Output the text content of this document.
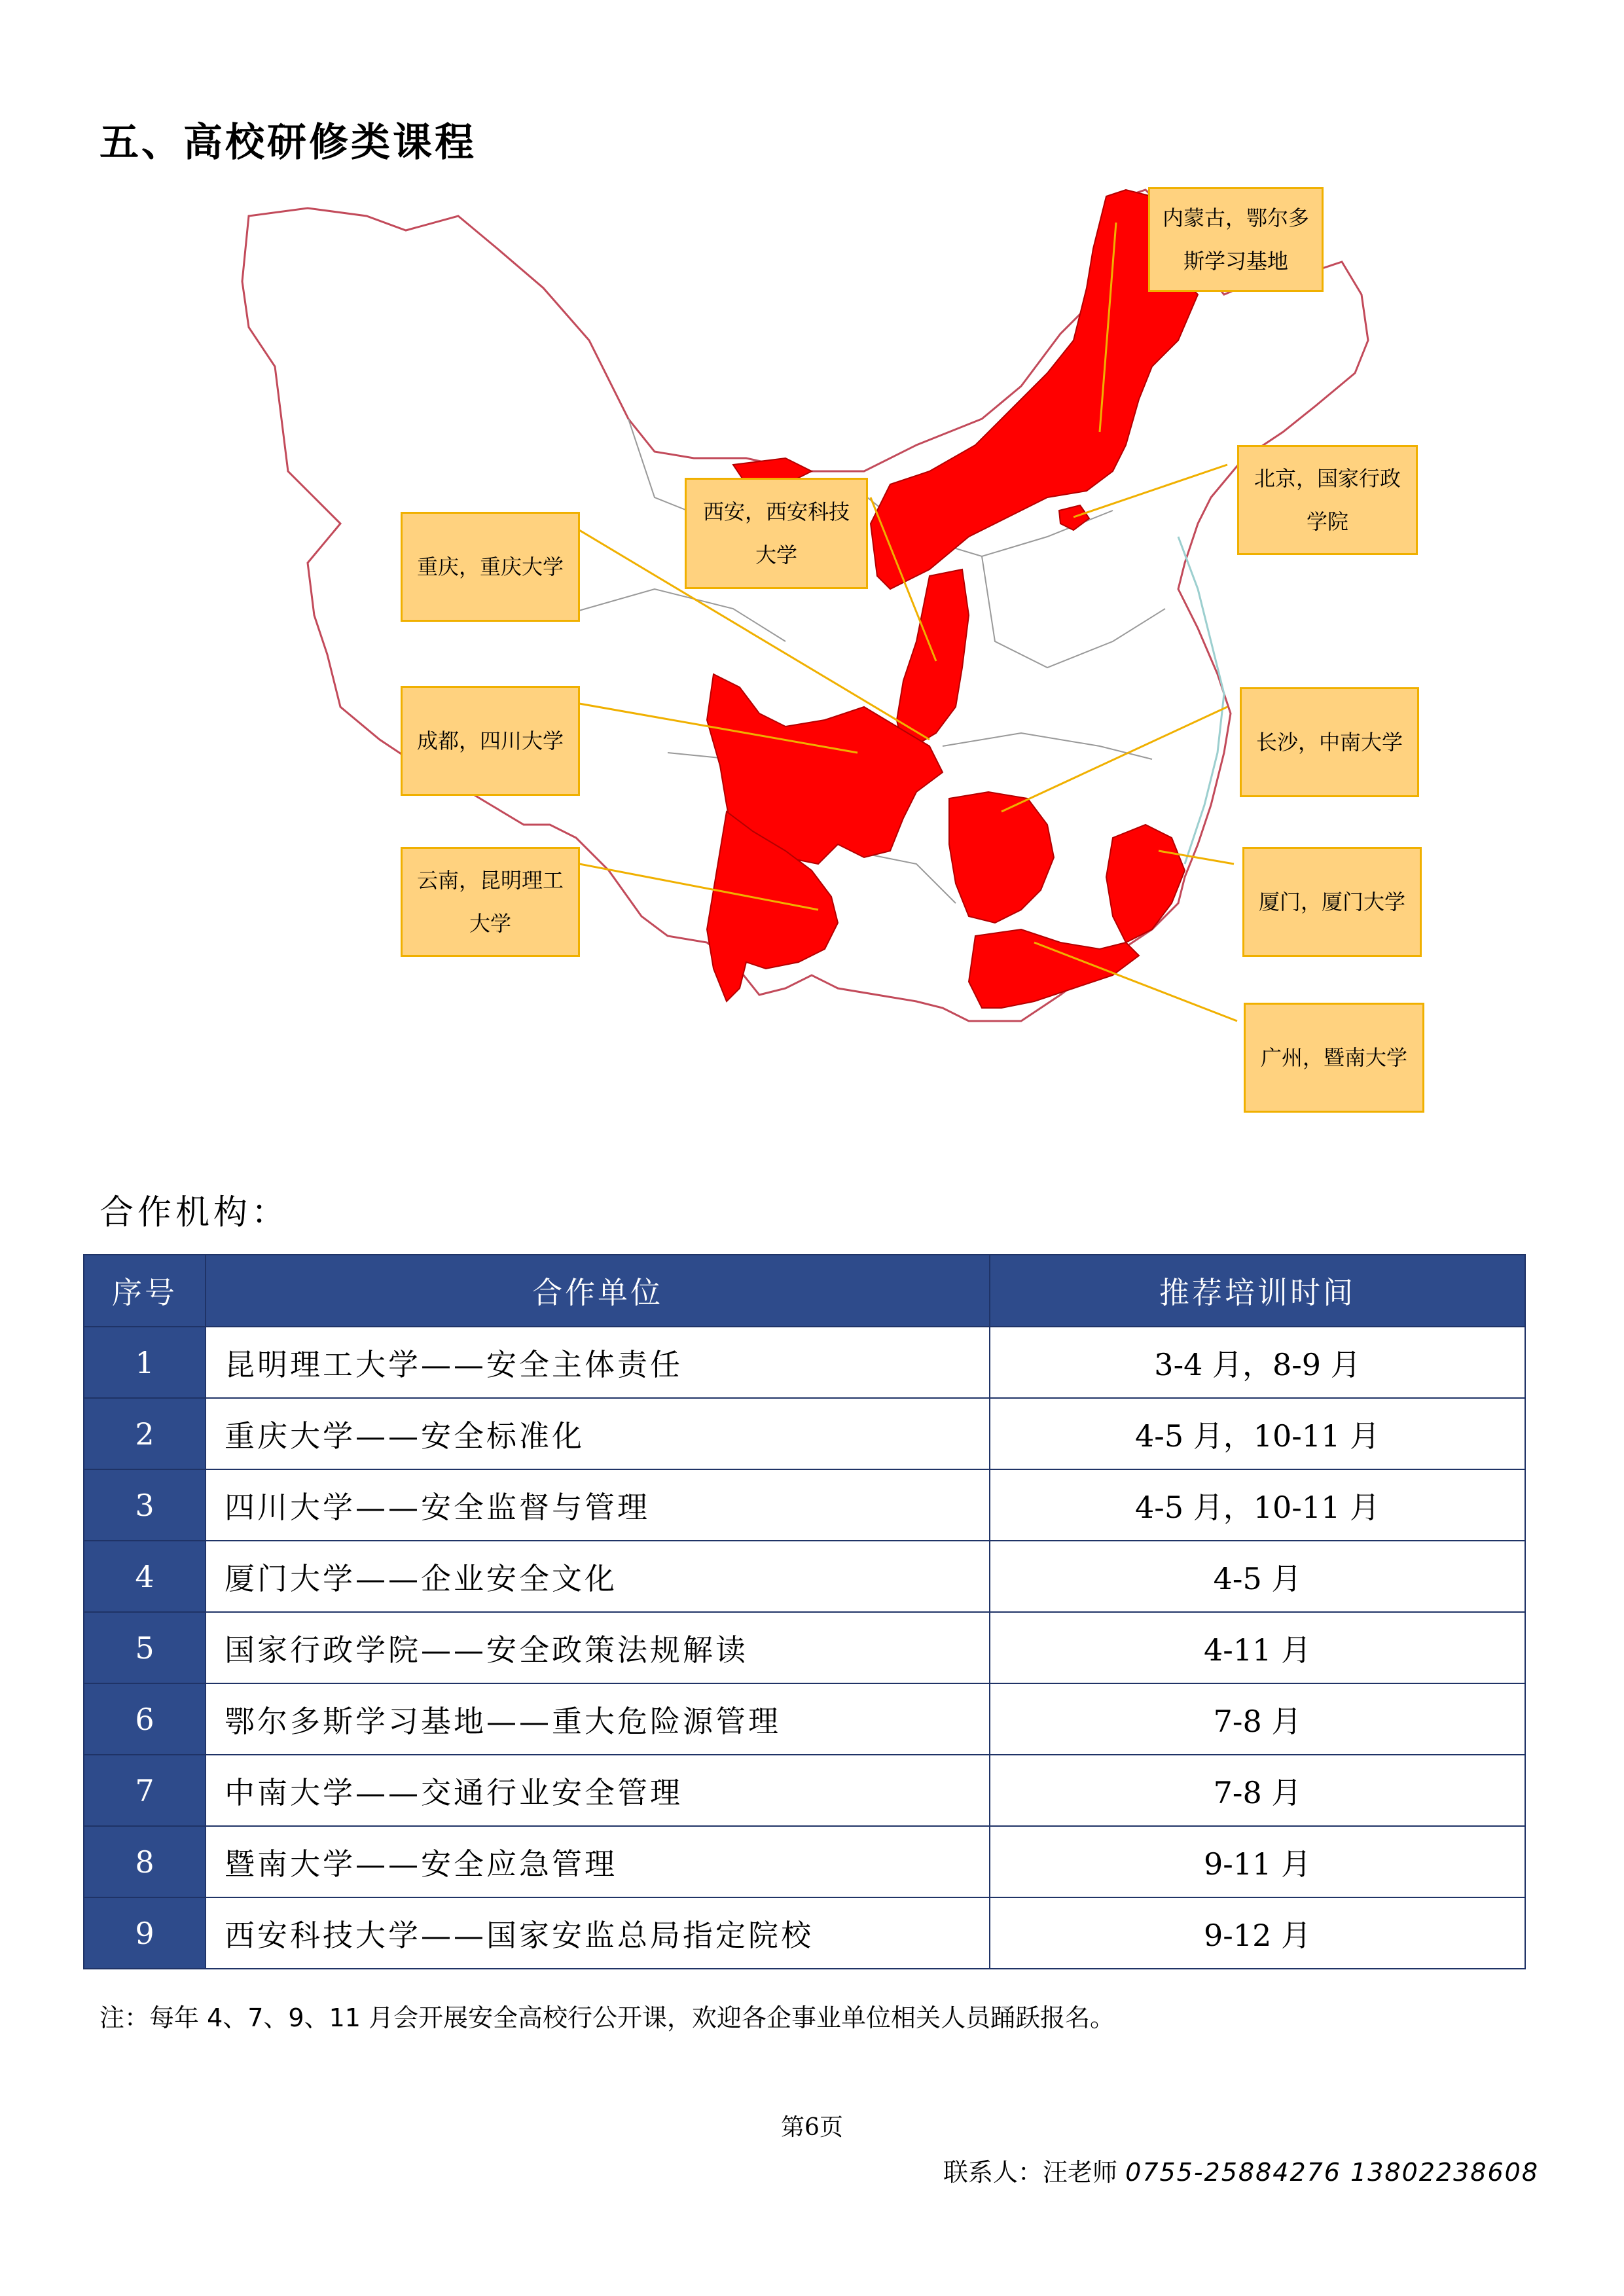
五、高校研修类课程
内蒙古，鄂尔多斯学习基地
北京，国家行政学院
西安，西安科技大学
重庆，重庆大学
成都，四川大学	长沙，中南大学
云南，昆明理工大学
厦门，厦门大学
广州，暨南大学
合作机构：
序号	合作单位	推荐培训时间
1	昆明理工大学——安全主体责任	3-4 月，8-9 月
2	重庆大学——安全标准化	4-5 月，10-11 月
3	四川大学——安全监督与管理	4-5 月，10-11 月
4	厦门大学——企业安全文化	4-5 月
5	国家行政学院——安全政策法规解读	4-11 月
6	鄂尔多斯学习基地——重大危险源管理	7-8 月
7	中南大学——交通行业安全管理	7-8 月
8	暨南大学——安全应急管理	9-11 月
9	西安科技大学——国家安监总局指定院校	9-12 月

注：每年 4、7、9、11 月会开展安全高校行公开课，欢迎各企事业单位相关人员踊跃报名。

第6页
联系人：汪老师 0755-25884276 13802238608
